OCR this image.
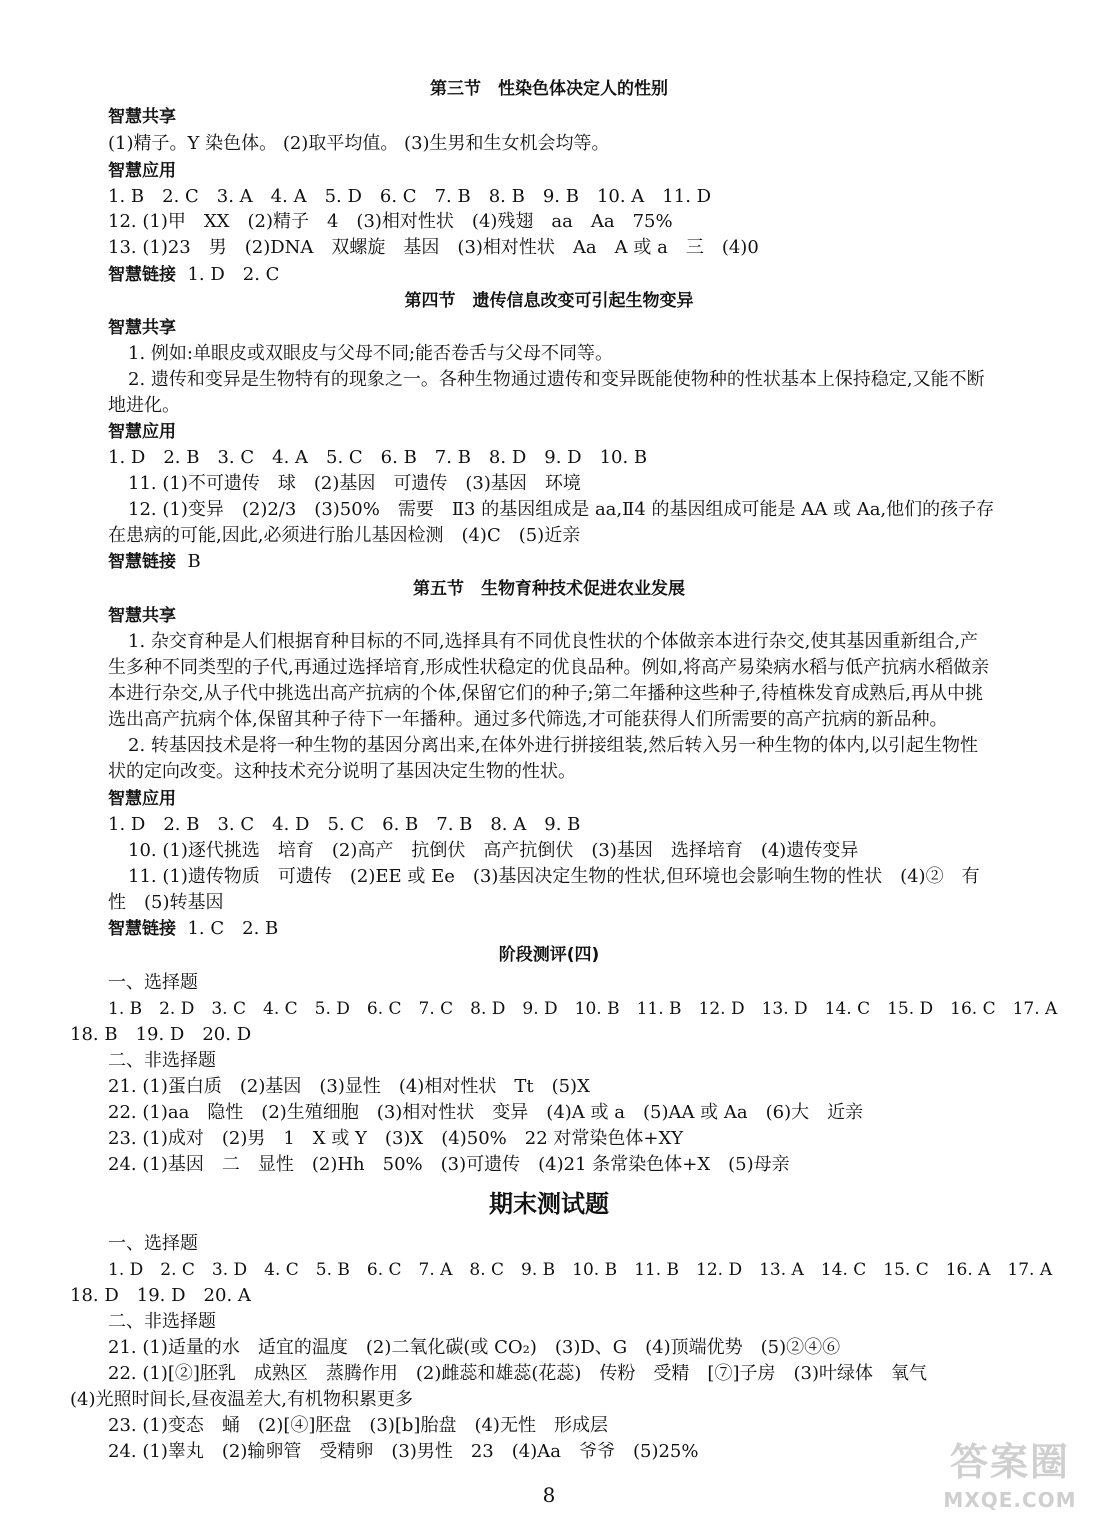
第三节　性染色体决定人的性别
智慧共享
(1)精子。Y 染色体。 (2)取平均值。 (3)生男和生女机会均等。
智慧应用
1. B　2. C　3. A　4. A　5. D　6. C　7. B　8. B　9. B　10. A　11. D
12. (1)甲　XX　(2)精子　4　(3)相对性状　(4)残翅　aa　Aa　75%
13. (1)23　男　(2)DNA　双螺旋　基因　(3)相对性状　Aa　A 或 a　三　(4)0
智慧链接 1. D　2. C
第四节　遗传信息改变可引起生物变异
智慧共享
1. 例如:单眼皮或双眼皮与父母不同;能否卷舌与父母不同等。
2. 遗传和变异是生物特有的现象之一。各种生物通过遗传和变异既能使物种的性状基本上保持稳定,又能不断
地进化。
智慧应用
1. D　2. B　3. C　4. A　5. C　6. B　7. B　8. D　9. D　10. B
11. (1)不可遗传　球　(2)基因　可遗传　(3)基因　环境
12. (1)变异　(2)2/3　(3)50%　需要　Ⅱ3 的基因组成是 aa,Ⅱ4 的基因组成可能是 AA 或 Aa,他们的孩子存
在患病的可能,因此,必须进行胎儿基因检测　(4)C　(5)近亲
智慧链接 B
第五节　生物育种技术促进农业发展
智慧共享
1. 杂交育种是人们根据育种目标的不同,选择具有不同优良性状的个体做亲本进行杂交,使其基因重新组合,产
生多种不同类型的子代,再通过选择培育,形成性状稳定的优良品种。例如,将高产易染病水稻与低产抗病水稻做亲
本进行杂交,从子代中挑选出高产抗病的个体,保留它们的种子;第二年播种这些种子,待植株发育成熟后,再从中挑
选出高产抗病个体,保留其种子待下一年播种。通过多代筛选,才可能获得人们所需要的高产抗病的新品种。
2. 转基因技术是将一种生物的基因分离出来,在体外进行拼接组装,然后转入另一种生物的体内,以引起生物性
状的定向改变。这种技术充分说明了基因决定生物的性状。
智慧应用
1. D　2. B　3. C　4. D　5. C　6. B　7. B　8. A　9. B
10. (1)逐代挑选　培育　(2)高产　抗倒伏　高产抗倒伏　(3)基因　选择培育　(4)遗传变异
11. (1)遗传物质　可遗传　(2)EE 或 Ee　(3)基因决定生物的性状,但环境也会影响生物的性状　(4)②　有
性　(5)转基因
智慧链接 1. C　2. B
阶段测评(四)
一、选择题
1. B　2. D　3. C　4. C　5. D　6. C　7. C　8. D　9. D　10. B　11. B　12. D　13. D　14. C　15. D　16. C　17. A
18. B　19. D　20. D
二、非选择题
21. (1)蛋白质　(2)基因　(3)显性　(4)相对性状　Tt　(5)X
22. (1)aa　隐性　(2)生殖细胞　(3)相对性状　变异　(4)A 或 a　(5)AA 或 Aa　(6)大　近亲
23. (1)成对　(2)男　1　X 或 Y　(3)X　(4)50%　22 对常染色体+XY
24. (1)基因　二　显性　(2)Hh　50%　(3)可遗传　(4)21 条常染色体+X　(5)母亲
期末测试题
一、选择题
1. D　2. C　3. D　4. C　5. B　6. C　7. A　8. C　9. B　10. B　11. B　12. D　13. A　14. C　15. C　16. A　17. A
18. D　19. D　20. A
二、非选择题
21. (1)适量的水　适宜的温度　(2)二氧化碳(或 CO₂)　(3)D、G　(4)顶端优势　(5)②④⑥
22. (1)[②]胚乳　成熟区　蒸腾作用　(2)雌蕊和雄蕊(花蕊)　传粉　受精　[⑦]子房　(3)叶绿体　氧气
(4)光照时间长,昼夜温差大,有机物积累更多
23. (1)变态　蛹　(2)[④]胚盘　(3)[b]胎盘　(4)无性　形成层
24. (1)睾丸　(2)输卵管　受精卵　(3)男性　23　(4)Aa　爷爷　(5)25%
8
答案圈
MXQE.COM
